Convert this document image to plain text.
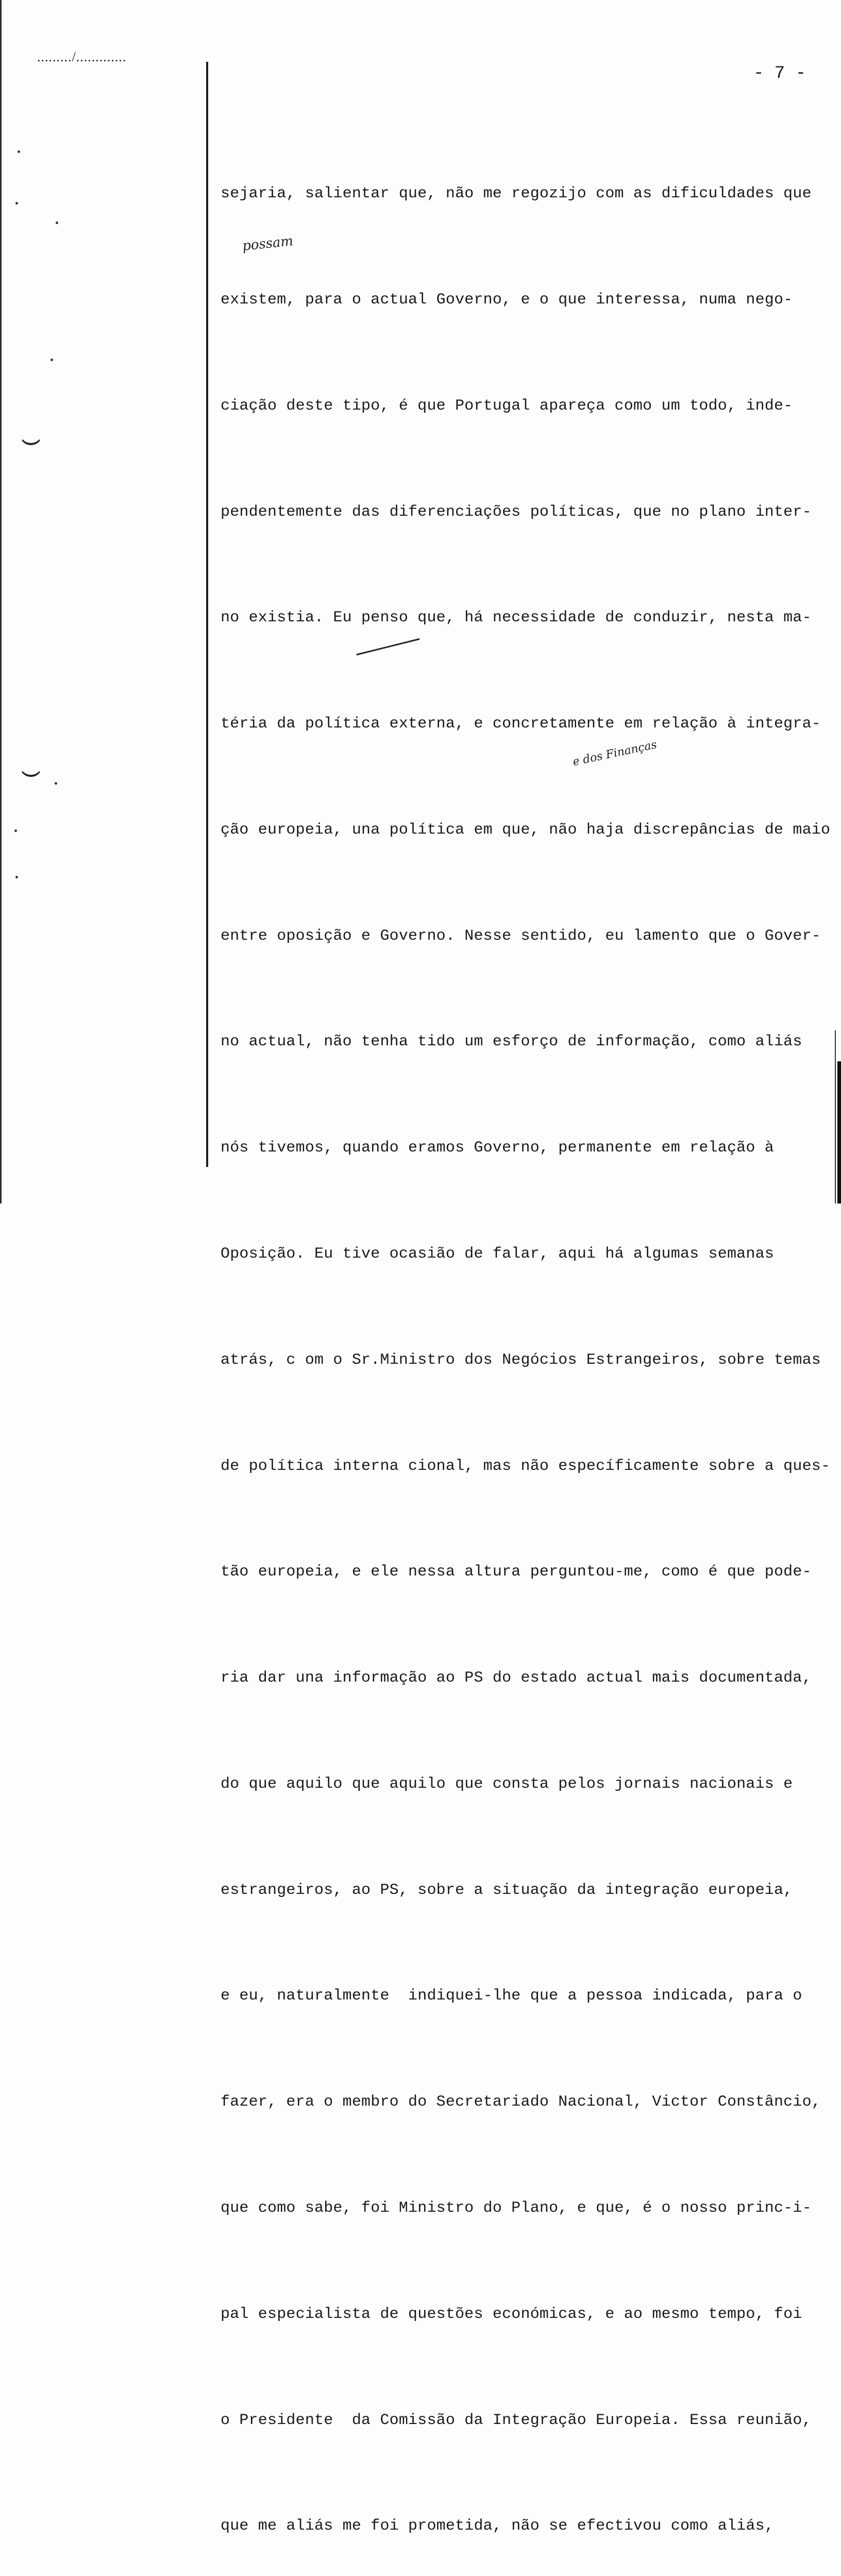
........./.............
- 7 -
possam
e dos Finanças

sejaria, salientar que, não me regozijo com as dificuldades que

existem, para o actual Governo, e o que interessa, numa nego-

ciação deste tipo, é que Portugal apareça como um todo, inde-

pendentemente das diferenciações políticas, que no plano inter-

no existia. Eu penso que, há necessidade de conduzir, nesta ma-

téria da política externa, e concretamente em relação à integra-

ção europeia, una política em que, não haja discrepâncias de maio

entre oposição e Governo. Nesse sentido, eu lamento que o Gover-

no actual, não tenha tido um esforço de informação, como aliás

nós tivemos, quando eramos Governo, permanente em relação à

Oposição. Eu tive ocasião de falar, aqui há algumas semanas

atrás, c om o Sr.Ministro dos Negócios Estrangeiros, sobre temas

de política interna cional, mas não específicamente sobre a ques-

tão europeia, e ele nessa altura perguntou-me, como é que pode-

ria dar una informação ao PS do estado actual mais documentada,

do que aquilo que aquilo que consta pelos jornais nacionais e

estrangeiros, ao PS, sobre a situação da integração europeia,

e eu, naturalmente  indiquei-lhe que a pessoa indicada, para o

fazer, era o membro do Secretariado Nacional, Victor Constâncio,

que como sabe, foi Ministro do Plano, e que, é o nosso princ-i-

pal especialista de questões económicas, e ao mesmo tempo, foi

o Presidente  da Comissão da Integração Europeia. Essa reunião,

que me aliás me foi prometida, não se efectivou como aliás,
